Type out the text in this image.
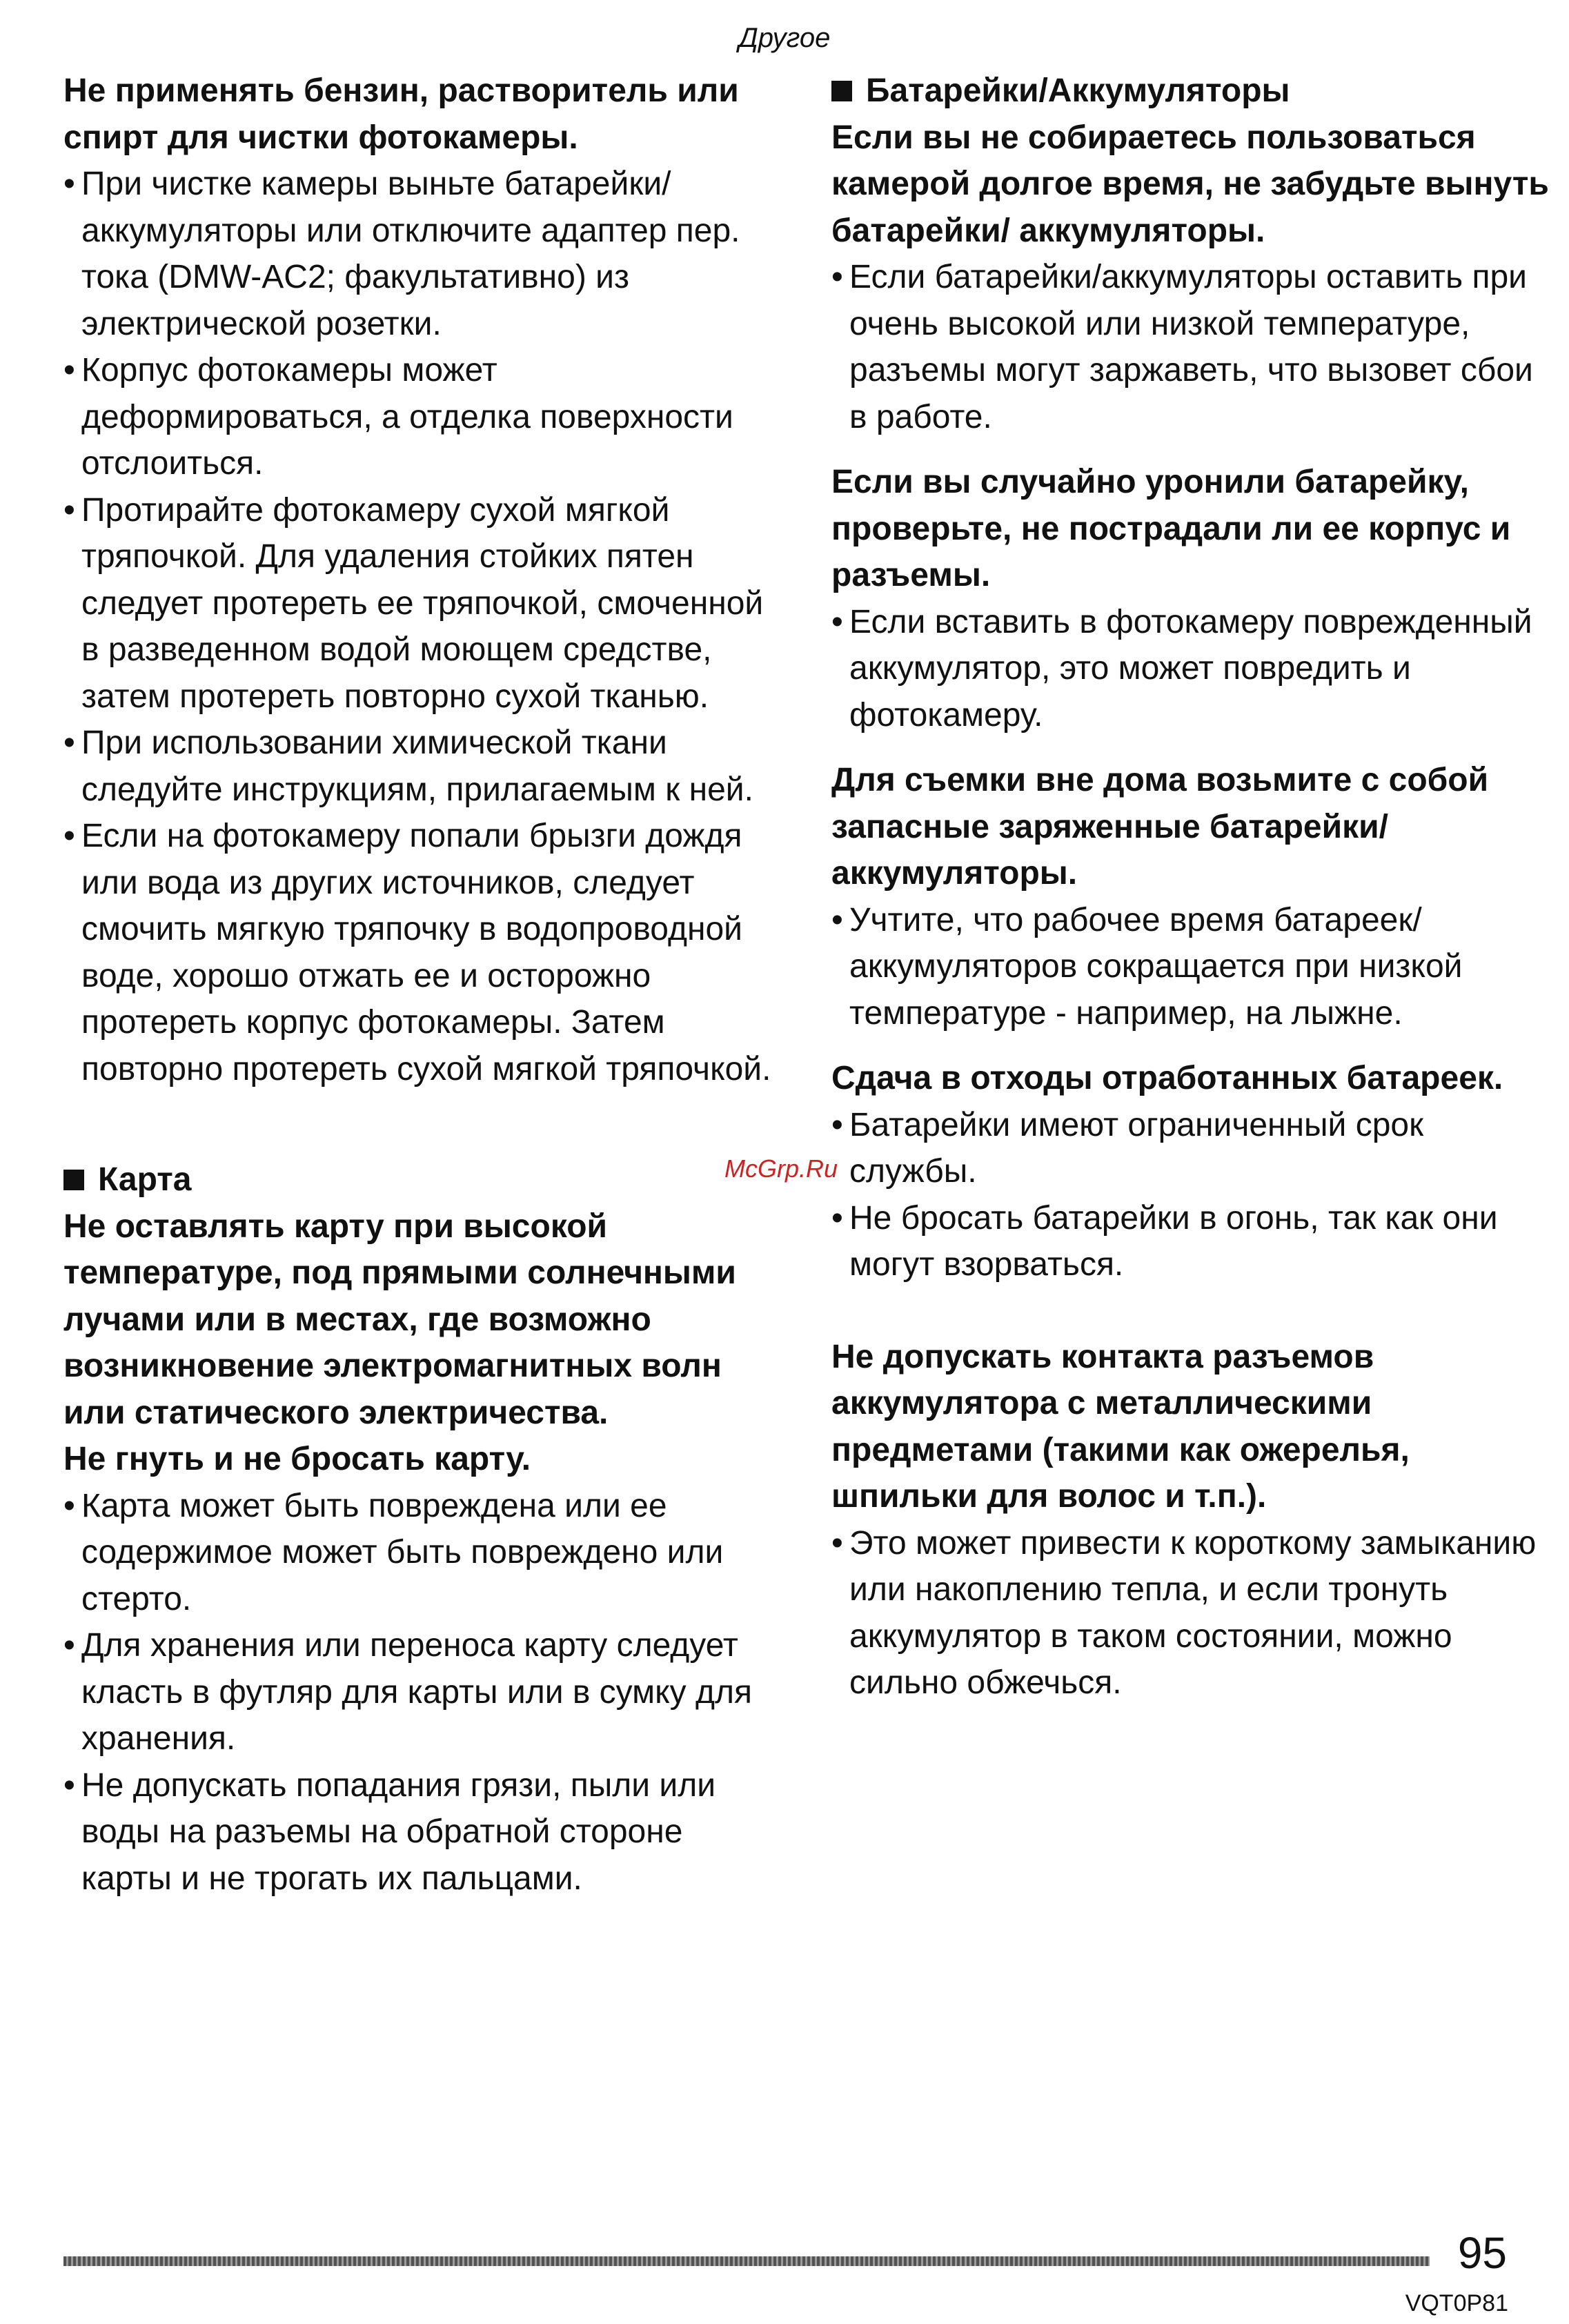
Другое

Не применять бензин, растворитель или спирт для чистки фотокамеры.

• При чистке камеры выньте батарейки/ аккумуляторы или отключите адаптер пер. тока (DMW-AC2; факультативно) из электрической розетки.

• Корпус фотокамеры может деформироваться, а отделка поверхности отслоиться.

• Протирайте фотокамеру сухой мягкой тряпочкой. Для удаления стойких пятен следует протереть ее тряпочкой, смоченной в разведенном водой моющем средстве, затем протереть повторно сухой тканью.

• При использовании химической ткани следуйте инструкциям, прилагаемым к ней.

• Если на фотокамеру попали брызги дождя или вода из других источников, следует смочить мягкую тряпочку в водопроводной воде, хорошо отжать ее и осторожно протереть корпус фотокамеры. Затем повторно протереть сухой мягкой тряпочкой.

Карта

Не оставлять карту при высокой температуре, под прямыми солнечными лучами или в местах, где возможно возникновение электромагнитных волн или статического электричества.

Не гнуть и не бросать карту.

• Карта может быть повреждена или ее содержимое может быть повреждено или стерто.

• Для хранения или переноса карту следует класть в футляр для карты или в сумку для хранения.

• Не допускать попадания грязи, пыли или воды на разъемы на обратной стороне карты и не трогать их пальцами.

Батарейки/Аккумуляторы

Если вы не собираетесь пользоваться камерой долгое время, не забудьте вынуть батарейки/ аккумуляторы.

• Если батарейки/аккумуляторы оставить при очень высокой или низкой температуре, разъемы могут заржаветь, что вызовет сбои в работе.

Если вы случайно уронили батарейку, проверьте, не пострадали ли ее корпус и разъемы.

• Если вставить в фотокамеру поврежденный аккумулятор, это может повредить и фотокамеру.

Для съемки вне дома возьмите с собой запасные заряженные батарейки/аккумуляторы.

• Учтите, что рабочее время батареек/ аккумуляторов сокращается при низкой температуре - например, на лыжне.

Сдача в отходы отработанных батареек.

• Батарейки имеют ограниченный срок службы.

• Не бросать батарейки в огонь, так как они могут взорваться.

Не допускать контакта разъемов аккумулятора с металлическими предметами (такими как ожерелья, шпильки для волос и т.п.).

• Это может привести к короткому замыканию или накоплению тепла, и если тронуть аккумулятор в таком состоянии, можно сильно обжечься.

McGrp.Ru
95
VQT0P81
